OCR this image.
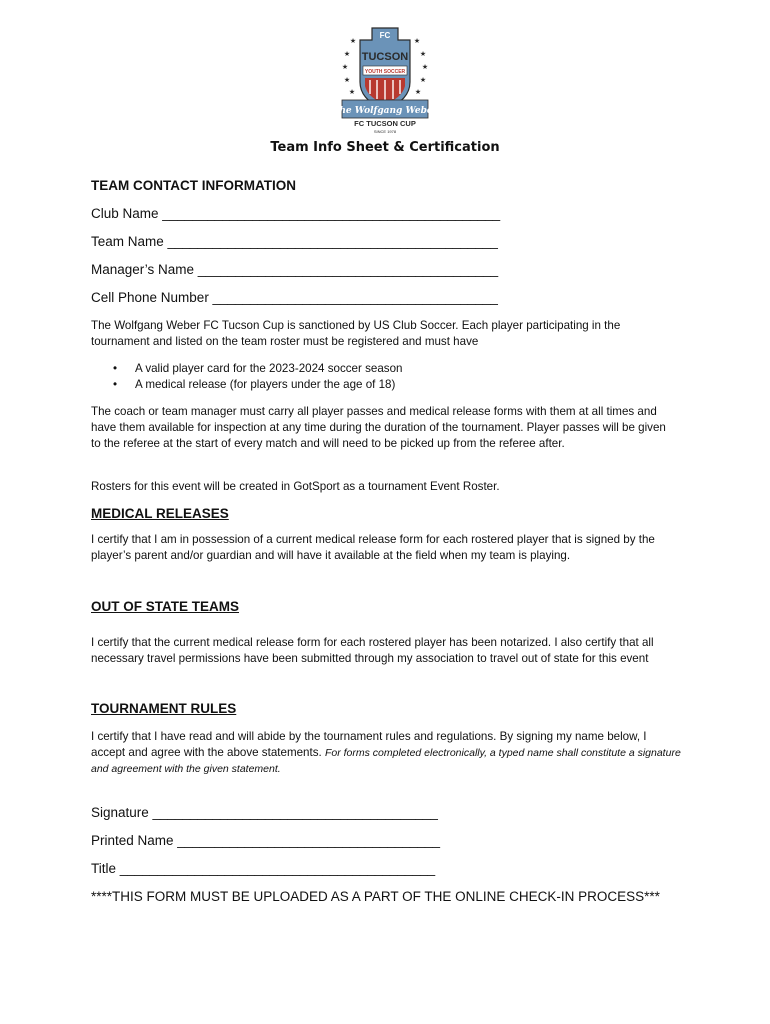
★
★
★
★
★
★
★
★
★
★
FC
TUCSON
YOUTH SOCCER
The Wolfgang Weber
FC TUCSON CUP
SINCE 1978
Team Info Sheet & Certification
TEAM CONTACT INFORMATION
Club Name _____________________________________________
Team Name ____________________________________________
Manager’s Name ________________________________________
Cell Phone Number ______________________________________
The Wolfgang Weber FC Tucson Cup is sanctioned by US Club Soccer. Each player participating in the tournament and listed on the team roster must be registered and must have
• A valid player card for the 2023-2024 soccer season
• A medical release (for players under the age of 18)
The coach or team manager must carry all player passes and medical release forms with them at all times and have them available for inspection at any time during the duration of the tournament. Player passes will be given to the referee at the start of every match and will need to be picked up from the referee after.
Rosters for this event will be created in GotSport as a tournament Event Roster.
MEDICAL RELEASES
I certify that I am in possession of a current medical release form for each rostered player that is signed by the player’s parent and/or guardian and will have it available at the field when my team is playing.
OUT OF STATE TEAMS
I certify that the current medical release form for each rostered player has been notarized. I also certify that all necessary travel permissions have been submitted through my association to travel out of state for this event
TOURNAMENT RULES
I certify that I have read and will abide by the tournament rules and regulations. By signing my name below, I accept and agree with the above statements. For forms completed electronically, a typed name shall constitute a signature and agreement with the given statement.
Signature ______________________________________
Printed Name ___________________________________
Title __________________________________________
****THIS FORM MUST BE UPLOADED AS A PART OF THE ONLINE CHECK-IN PROCESS***
